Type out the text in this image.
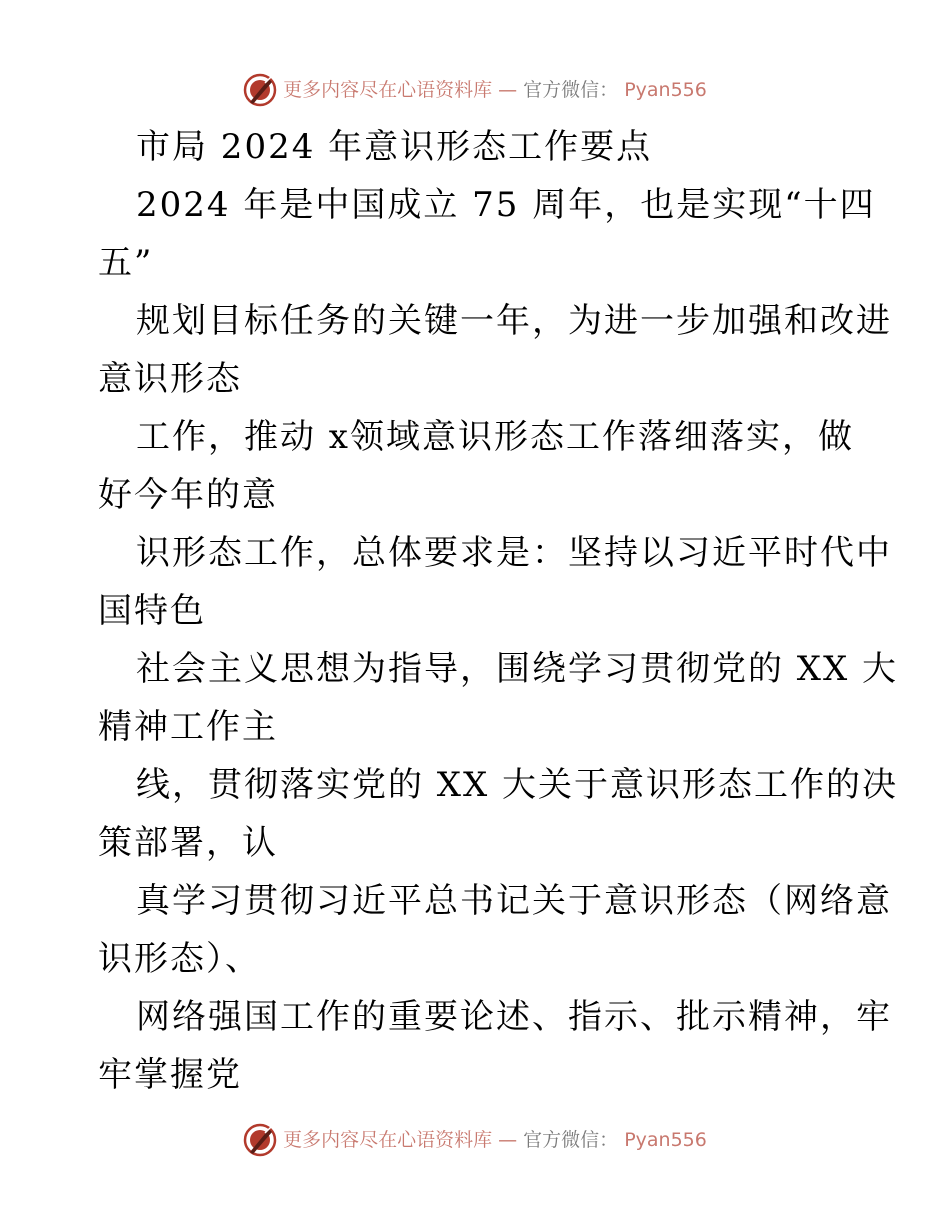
更多内容尽在心语资料库 — 官方微信： Pyan556
市局 2024 年意识形态工作要点
2024 年是中国成立 75 周年，也是实现“十四
五”
规划目标任务的关键一年，为进一步加强和改进
意识形态
工作，推动 x领域意识形态工作落细落实，做
好今年的意
识形态工作，总体要求是：坚持以习近平时代中
国特色
社会主义思想为指导，围绕学习贯彻党的 XX 大
精神工作主
线，贯彻落实党的 XX 大关于意识形态工作的决
策部署，认
真学习贯彻习近平总书记关于意识形态（网络意
识形态）、
网络强国工作的重要论述、指示、批示精神，牢
牢掌握党
更多内容尽在心语资料库 — 官方微信： Pyan556
